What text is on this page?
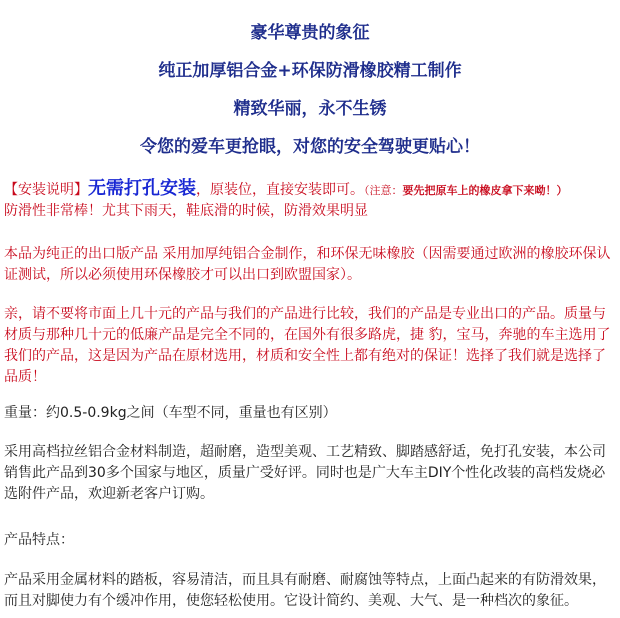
豪华尊贵的象征
纯正加厚铝合金+环保防滑橡胶精工制作
精致华丽，永不生锈
令您的爱车更抢眼，对您的安全驾驶更贴心！
【安装说明】无需打孔安装，原装位，直接安装即可。（注意：要先把原车上的橡皮拿下来呦！）
防滑性非常棒！尤其下雨天，鞋底滑的时候，防滑效果明显
本品为纯正的出口版产品 采用加厚纯铝合金制作，和环保无味橡胶（因需要通过欧洲的橡胶环保认证测试，所以必须使用环保橡胶才可以出口到欧盟国家）。
亲，请不要将市面上几十元的产品与我们的产品进行比较，我们的产品是专业出口的产品。质量与材质与那种几十元的低廉产品是完全不同的，在国外有很多路虎，捷 豹，宝马，奔驰的车主选用了我们的产品，这是因为产品在原材选用，材质和安全性上都有绝对的保证！选择了我们就是选择了品质！
重量：约0.5-0.9kg之间（车型不同，重量也有区别）
采用高档拉丝铝合金材料制造，超耐磨，造型美观、工艺精致、脚踏感舒适，免打孔安装，本公司销售此产品到30多个国家与地区，质量广受好评。同时也是广大车主DIY个性化改装的高档发烧必选附件产品，欢迎新老客户订购。
产品特点：
产品采用金属材料的踏板，容易清洁，而且具有耐磨、耐腐蚀等特点，上面凸起来的有防滑效果，而且对脚使力有个缓冲作用，使您轻松使用。它设计简约、美观、大气、是一种档次的象征。
